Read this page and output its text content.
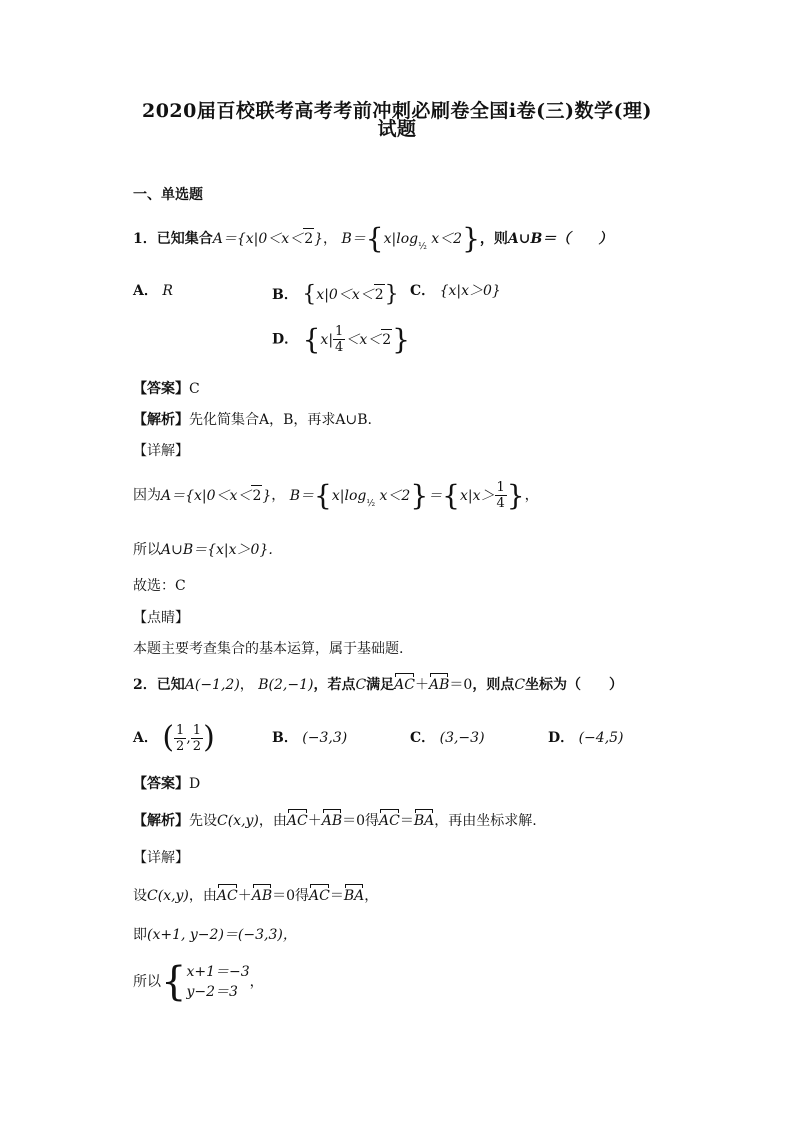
2020届百校联考高考考前冲刺必刷卷全国i卷(三)数学(理)
试题
一、单选题
1．已知集合A＝{x|0＜x＜2}， B＝{x|log½ x＜2}，则A∪B＝（　　）
A． R	B． {x|0＜x＜2} C． {x|x＞0}
D． $\{x| \frac{1}{4} <x<2\}$
【答案】C
【解析】先化简集合A，B，再求A∪B.
【详解】
因为A＝{x|0＜x＜2}， B＝{x|log½ $x<2\}=\{x|x> \frac{1}{4}$ }，
所以A∪B＝{x|x＞0}.
故选：C
【点睛】
本题主要考查集合的基本运算，属于基础题.
2．已知A(−1,2)， B(2,−1)，若点C满足AC＋AB＝0，则点C坐标为（　　）
A． ( $\frac{1}{2}$ , $\frac{1}{2}$ )	B． (−3,3)	C． (3,−3)	D． (−4,5)
【答案】D
【解析】先设C(x,y)，由AC＋AB＝0得AC＝BA，再由坐标求解.
【详解】
设C(x,y)，由AC＋AB＝0得AC＝BA，
即(x+1, y−2)＝(−3,3)，
所以{ x+1＝−3
y−2＝3
，
